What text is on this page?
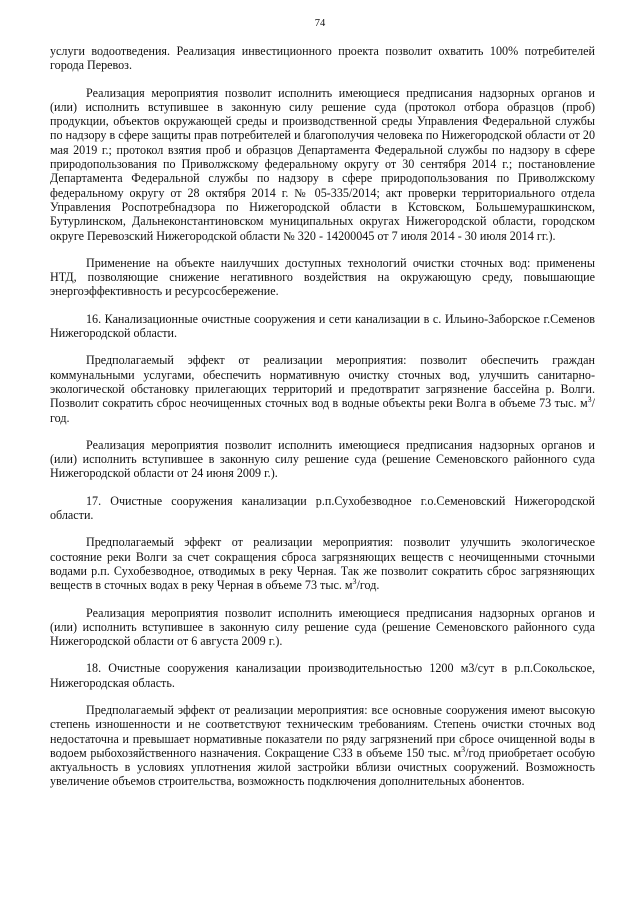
74

услуги водоотведения. Реализация инвестиционного проекта позволит охватить 100% потребителей города Перевоз.

Реализация мероприятия позволит исполнить имеющиеся предписания надзорных органов и (или) исполнить вступившее в законную силу решение суда (протокол отбора образцов (проб) продукции, объектов окружающей среды и производственной среды Управления Федеральной службы по надзору в сфере защиты прав потребителей и благополучия человека по Нижегородской области от 20 мая 2019 г.; протокол взятия проб и образцов Департамента Федеральной службы по надзору в сфере природопользования по Приволжскому федеральному округу от 30 сентября 2014 г.; постановление Департамента Федеральной службы по надзору в сфере природопользования по Приволжскому федеральному округу от 28 октября 2014 г. № 05-335/2014; акт проверки территориального отдела Управления Роспотребнадзора по Нижегородской области в Кстовском, Большемурашкинском, Бутурлинском, Дальнеконстантиновском муниципальных округах Нижегородской области, городском округе Перевозский Нижегородской области № 320 - 14200045 от 7 июля 2014 - 30 июля 2014 гг.).

Применение на объекте наилучших доступных технологий очистки сточных вод: применены НТД, позволяющие снижение негативного воздействия на окружающую среду, повышающие энергоэффективность и ресурсосбережение.

16. Канализационные очистные сооружения и сети канализации в с. Ильино-Заборское г.Семенов Нижегородской области.

Предполагаемый эффект от реализации мероприятия: позволит обеспечить граждан коммунальными услугами, обеспечить нормативную очистку сточных вод, улучшить санитарно-экологической обстановку прилегающих территорий и предотвратит загрязнение бассейна р. Волги. Позволит сократить сброс неочищенных сточных вод в водные объекты реки Волга в объеме 73 тыс. $м^3$/год.

Реализация мероприятия позволит исполнить имеющиеся предписания надзорных органов и (или) исполнить вступившее в законную силу решение суда (решение Семеновского районного суда Нижегородской области от 24 июня 2009 г.).

17. Очистные сооружения канализации р.п.Сухобезводное г.о.Семеновский Нижегородской области.

Предполагаемый эффект от реализации мероприятия: позволит улучшить экологическое состояние реки Волги за счет сокращения сброса загрязняющих веществ с неочищенными сточными водами р.п. Сухобезводное, отводимых в реку Черная. Так же позволит сократить сброс загрязняющих веществ в сточных водах в реку Черная в объеме 73 тыс. $м^3$/год.

Реализация мероприятия позволит исполнить имеющиеся предписания надзорных органов и (или) исполнить вступившее в законную силу решение суда (решение Семеновского районного суда Нижегородской области от 6 августа 2009 г.).

18. Очистные сооружения канализации производительностью 1200 м3/сут в р.п.Сокольское, Нижегородская область.

Предполагаемый эффект от реализации мероприятия: все основные сооружения имеют высокую степень изношенности и не соответствуют техническим требованиям. Степень очистки сточных вод недостаточна и превышает нормативные показатели по ряду загрязнений при сбросе очищенной воды в водоем рыбохозяйственного назначения. Сокращение СЗЗ в объеме 150 тыс. $м^3$/год приобретает особую актуальность в условиях уплотнения жилой застройки вблизи очистных сооружений. Возможность увеличение объемов строительства, возможность подключения дополнительных абонентов.
